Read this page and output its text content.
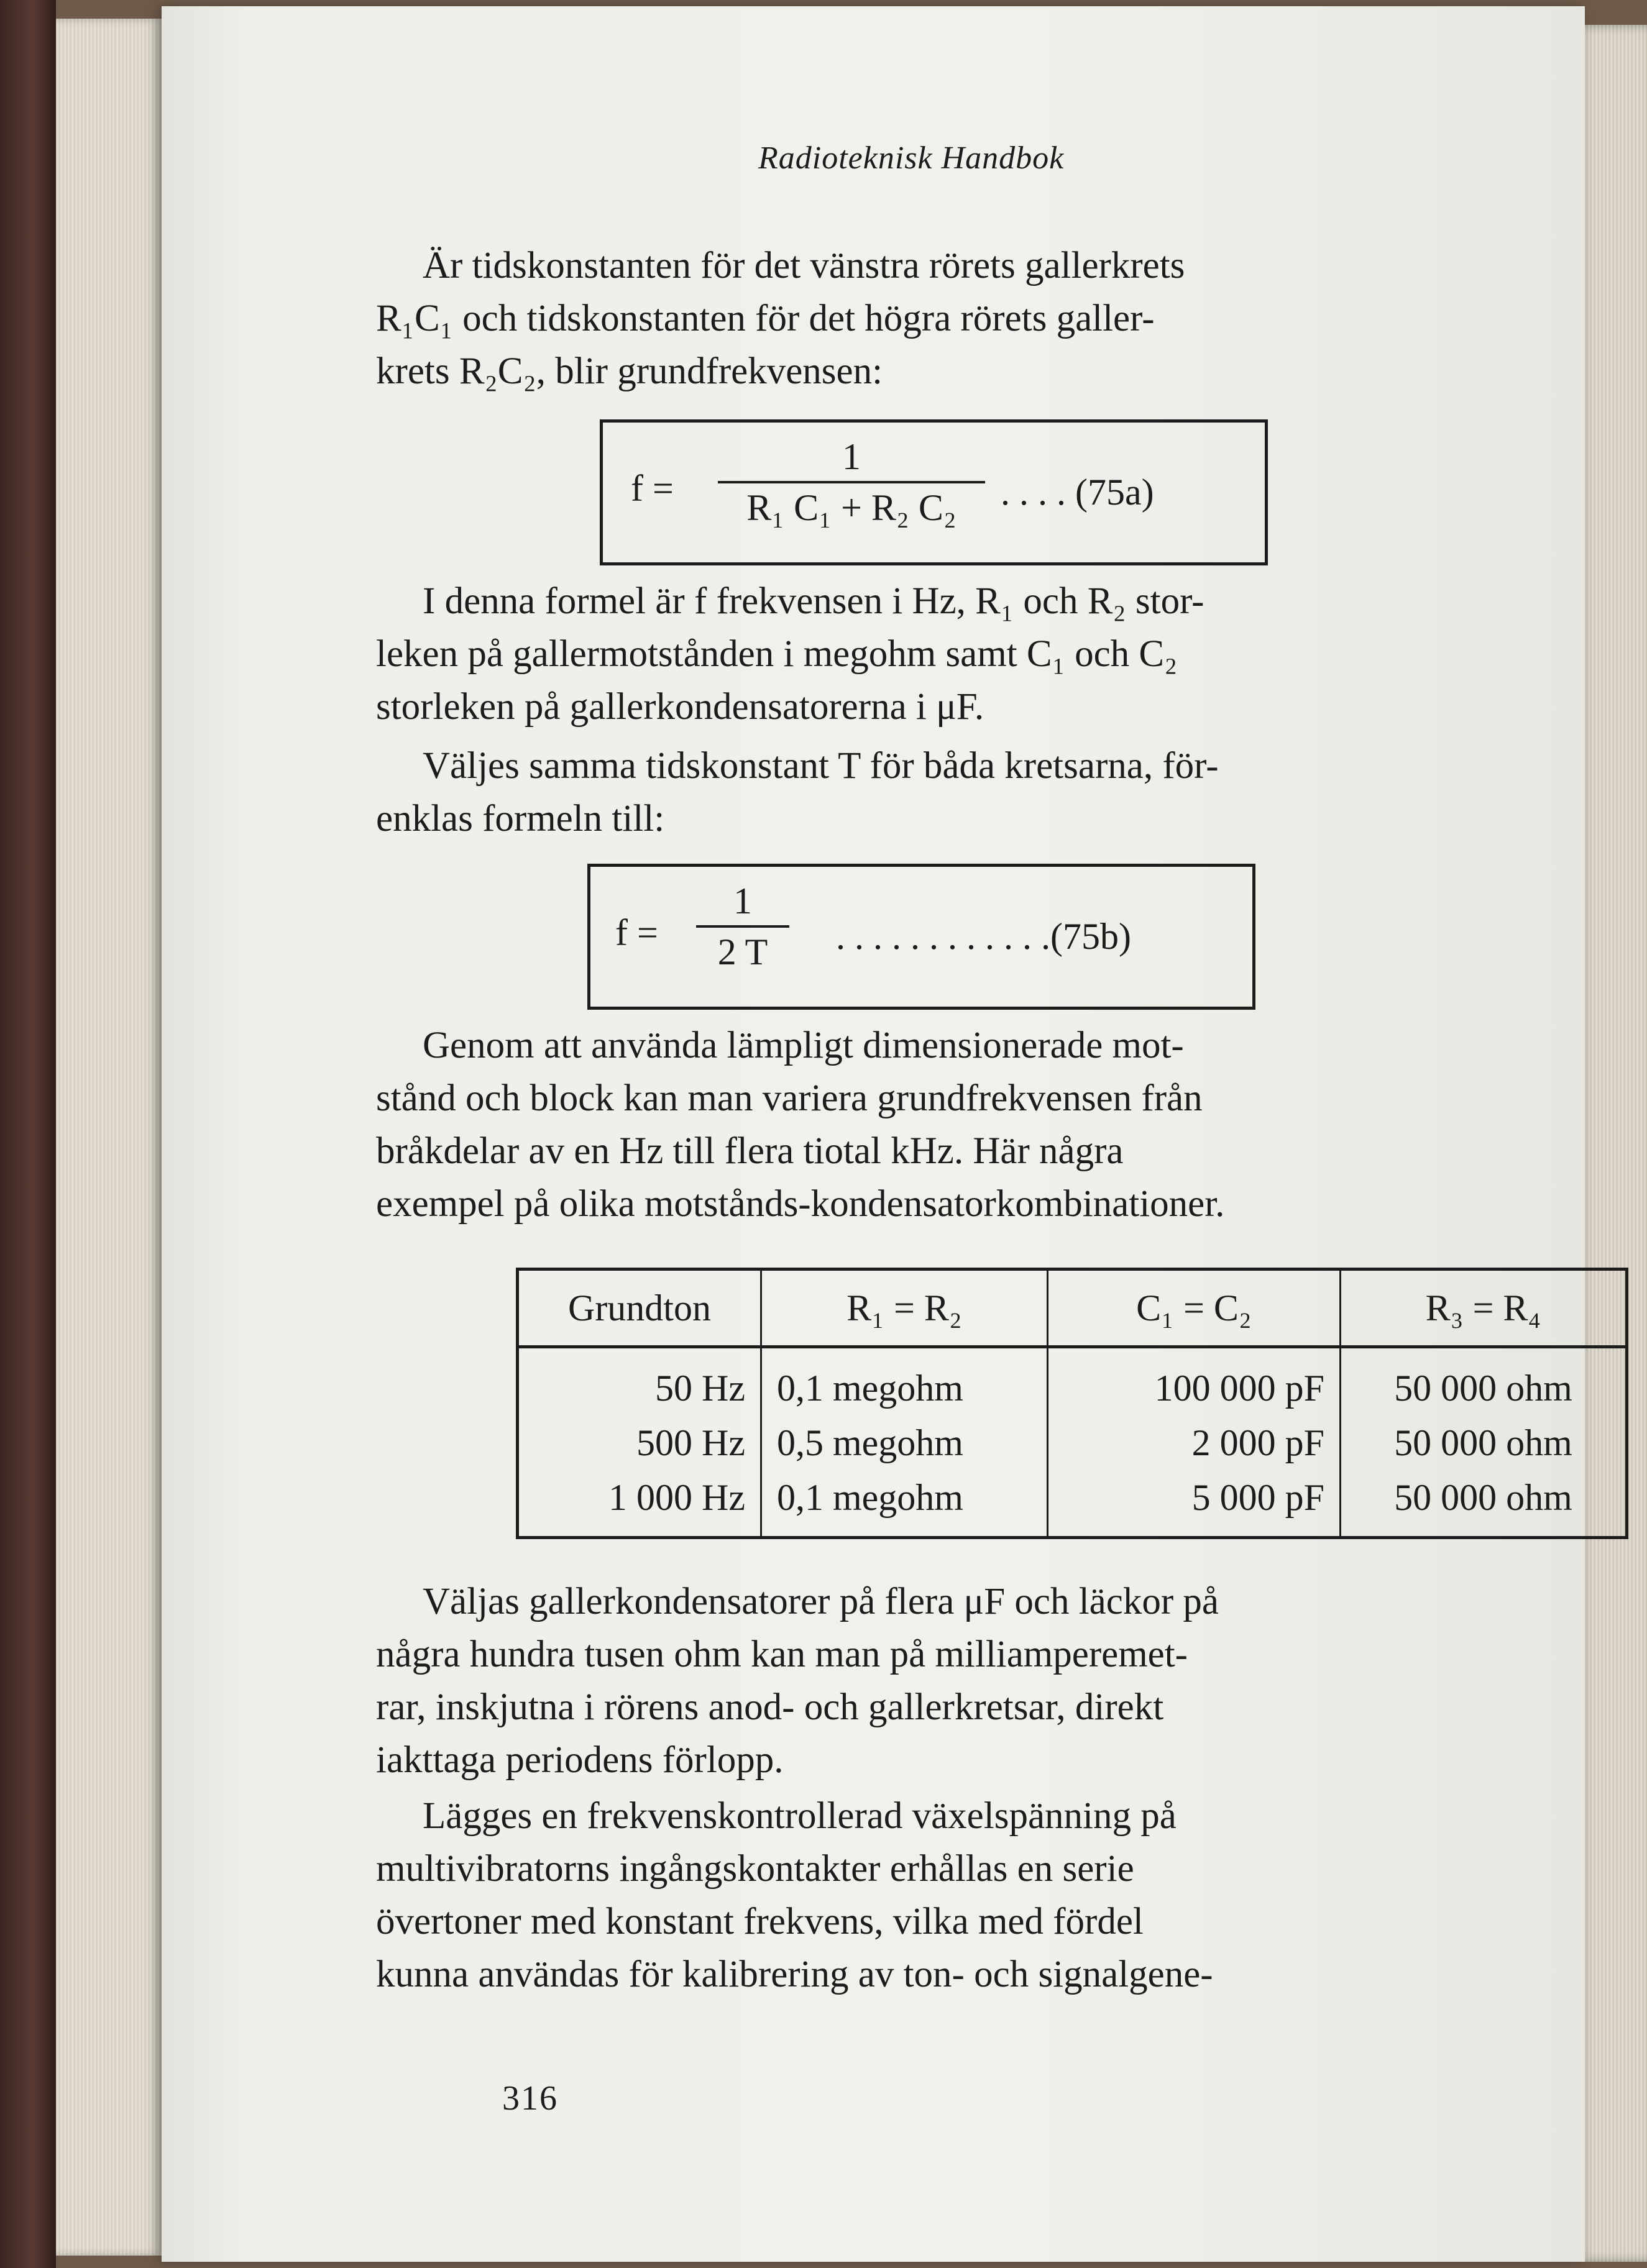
Radioteknisk Handbok

Är tidskonstanten för det vänstra rörets gallerkrets

R₁C₁ och tidskonstanten för det högra rörets galler-
krets R₂C₂, blir grundfrekvensen:

f =
1
R₁ C₁ + R₂ C₂	. . . . (75a)

I denna formel är f frekvensen i Hz, R₁ och R₂ stor-

leken på gallermotstånden i megohm samt C₁ och C₂
storleken på gallerkondensatorerna i μF.

Väljes samma tidskonstant T för båda kretsarna, för-

enklas formeln till:

f =
1
2 T	. . . . . . . . . . . .(75b)

Genom att använda lämpligt dimensionerade mot-

stånd och block kan man variera grundfrekvensen från
bråkdelar av en Hz till flera tiotal kHz. Här några
exempel på olika motstånds-kondensatorkombinationer.

Grundton	R₁ = R₂	C₁ = C₂	R₃ = R₄
50 Hz	0,1 megohm	100 000 pF	50 000 ohm
500 Hz	0,5 megohm	2 000 pF	50 000 ohm
1 000 Hz	0,1 megohm	5 000 pF	50 000 ohm

Väljas gallerkondensatorer på flera μF och läckor på

några hundra tusen ohm kan man på milliamperemet-
rar, inskjutna i rörens anod- och gallerkretsar, direkt
iakttaga periodens förlopp.

Lägges en frekvenskontrollerad växelspänning på

multivibratorns ingångskontakter erhållas en serie
övertoner med konstant frekvens, vilka med fördel
kunna användas för kalibrering av ton- och signalgene-

316
